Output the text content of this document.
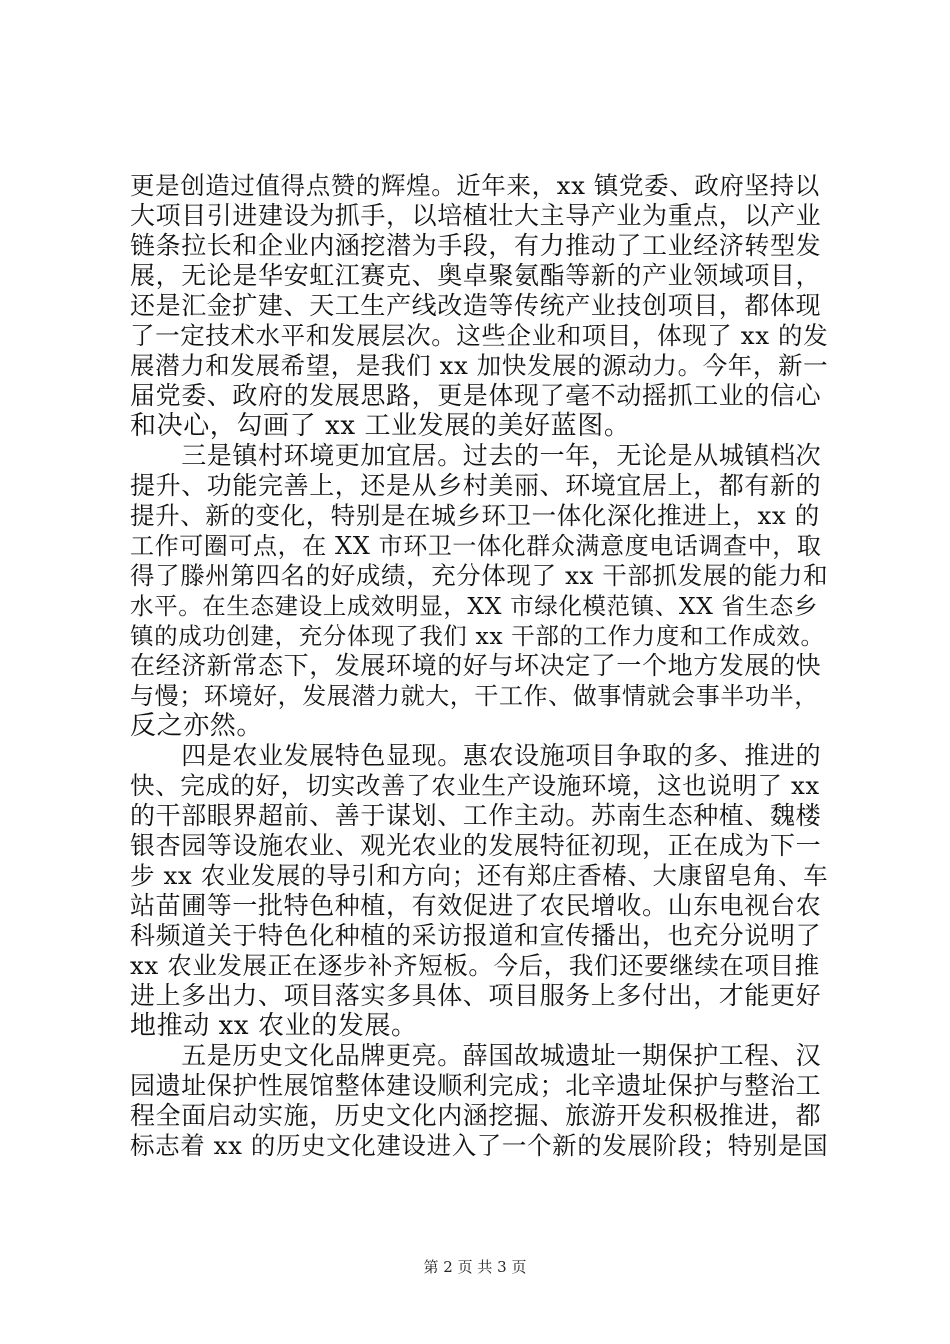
更是创造过值得点赞的辉煌。近年来，xx 镇党委、政府坚持以
大项目引进建设为抓手，以培植壮大主导产业为重点，以产业
链条拉长和企业内涵挖潜为手段，有力推动了工业经济转型发
展，无论是华安虹江赛克、奥卓聚氨酯等新的产业领域项目，
还是汇金扩建、天工生产线改造等传统产业技创项目，都体现
了一定技术水平和发展层次。这些企业和项目，体现了 xx 的发
展潜力和发展希望，是我们 xx 加快发展的源动力。今年，新一
届党委、政府的发展思路，更是体现了毫不动摇抓工业的信心
和决心，勾画了 xx 工业发展的美好蓝图。
　　三是镇村环境更加宜居。过去的一年，无论是从城镇档次
提升、功能完善上，还是从乡村美丽、环境宜居上，都有新的
提升、新的变化，特别是在城乡环卫一体化深化推进上，xx 的
工作可圈可点，在 XX 市环卫一体化群众满意度电话调查中，取
得了滕州第四名的好成绩，充分体现了 xx 干部抓发展的能力和
水平。在生态建设上成效明显，XX 市绿化模范镇、XX 省生态乡
镇的成功创建，充分体现了我们 xx 干部的工作力度和工作成效。
在经济新常态下，发展环境的好与坏决定了一个地方发展的快
与慢；环境好，发展潜力就大，干工作、做事情就会事半功半，
反之亦然。
　　四是农业发展特色显现。惠农设施项目争取的多、推进的
快、完成的好，切实改善了农业生产设施环境，这也说明了 xx
的干部眼界超前、善于谋划、工作主动。苏南生态种植、魏楼
银杏园等设施农业、观光农业的发展特征初现，正在成为下一
步 xx 农业发展的导引和方向；还有郑庄香椿、大康留皂角、车
站苗圃等一批特色种植，有效促进了农民增收。山东电视台农
科频道关于特色化种植的采访报道和宣传播出，也充分说明了
xx 农业发展正在逐步补齐短板。今后，我们还要继续在项目推
进上多出力、项目落实多具体、项目服务上多付出，才能更好
地推动 xx 农业的发展。
　　五是历史文化品牌更亮。薛国故城遗址一期保护工程、汉
园遗址保护性展馆整体建设顺利完成；北辛遗址保护与整治工
程全面启动实施，历史文化内涵挖掘、旅游开发积极推进，都
标志着 xx 的历史文化建设进入了一个新的发展阶段；特别是国
第 2 页 共 3 页
